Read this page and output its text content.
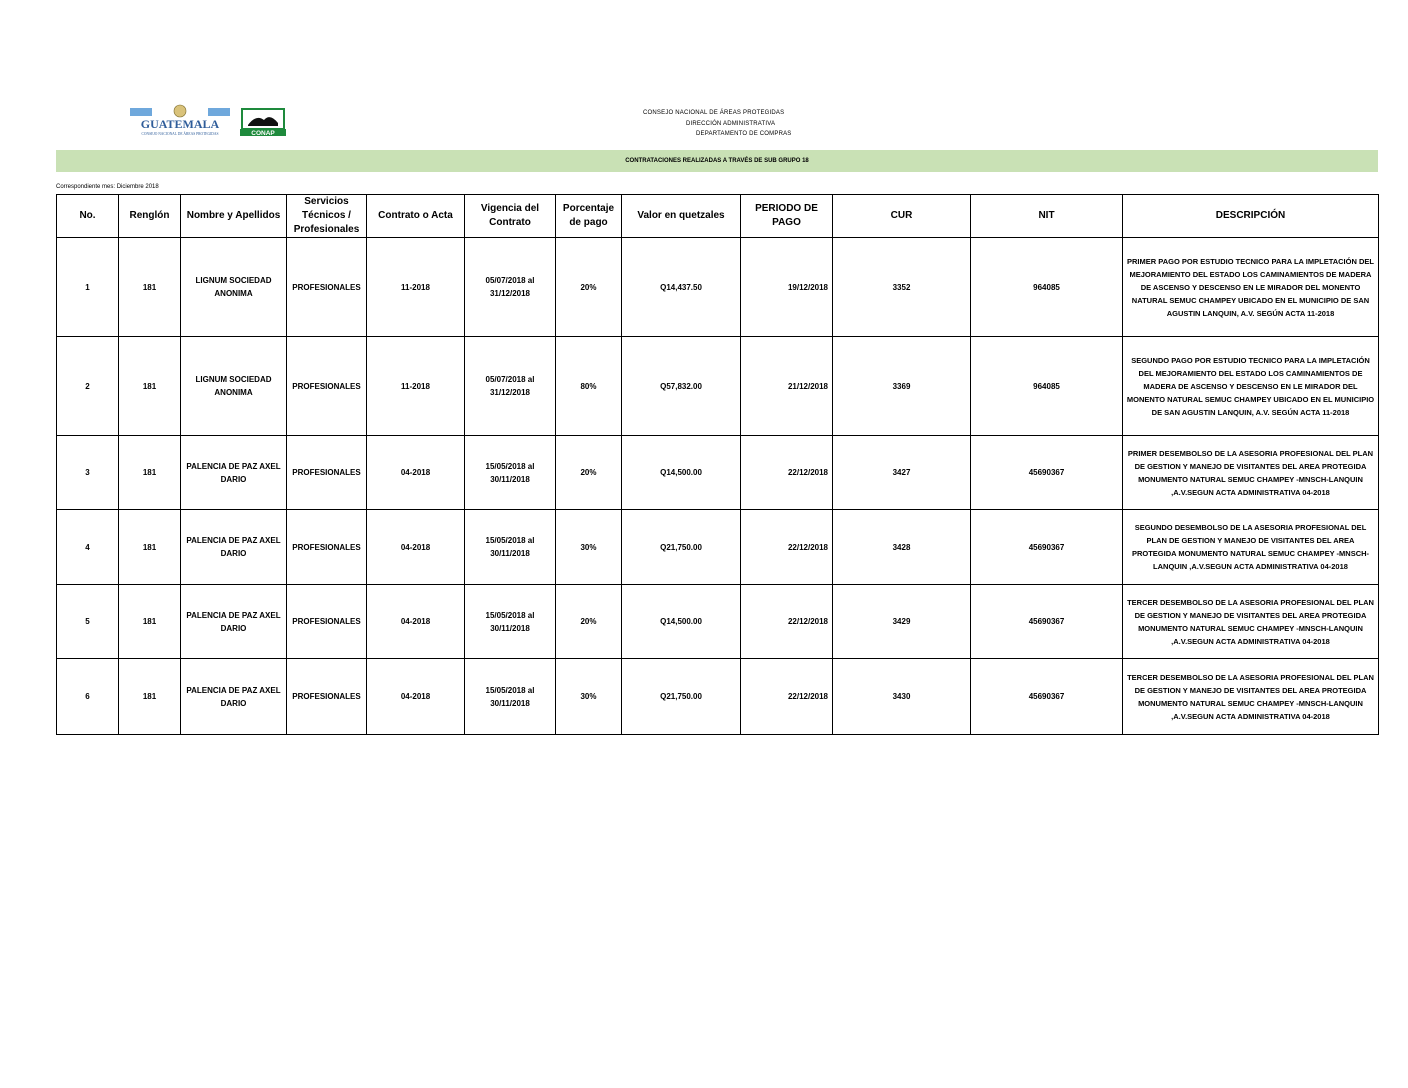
GUATEMALA
CONSEJO NACIONAL DE ÁREAS PROTEGIDAS	CONAP
CONSEJO NACIONAL DE ÁREAS PROTEGIDAS
DIRECCIÓN ADMINISTRATIVA
DEPARTAMENTO DE COMPRAS
CONTRATACIONES REALIZADAS A TRAVÉS DE SUB GRUPO 18
Correspondiente mes: Diciembre 2018
No.	Renglón	Nombre y Apellidos	Servicios Técnicos / Profesionales	Contrato o Acta	Vigencia del Contrato	Porcentaje de pago	Valor en quetzales	PERIODO DE PAGO	CUR	NIT	DESCRIPCIÓN
1	181	LIGNUM SOCIEDAD ANONIMA	PROFESIONALES	11-2018	05/07/2018 al 31/12/2018	20%	Q14,437.50	19/12/2018	3352	964085	PRIMER PAGO POR ESTUDIO TECNICO PARA LA IMPLETACIÓN DEL MEJORAMIENTO DEL ESTADO LOS CAMINAMIENTOS DE MADERA DE ASCENSO Y DESCENSO EN LE MIRADOR DEL MONENTO NATURAL SEMUC CHAMPEY UBICADO EN EL MUNICIPIO DE SAN AGUSTIN LANQUIN, A.V. SEGÚN ACTA 11-2018
2	181	LIGNUM SOCIEDAD ANONIMA	PROFESIONALES	11-2018	05/07/2018 al 31/12/2018	80%	Q57,832.00	21/12/2018	3369	964085	SEGUNDO PAGO POR ESTUDIO TECNICO PARA LA IMPLETACIÓN DEL MEJORAMIENTO DEL ESTADO LOS CAMINAMIENTOS DE MADERA DE ASCENSO Y DESCENSO EN LE MIRADOR DEL MONENTO NATURAL SEMUC CHAMPEY UBICADO EN EL MUNICIPIO DE SAN AGUSTIN LANQUIN, A.V. SEGÚN ACTA 11-2018
3	181	PALENCIA DE PAZ AXEL DARIO	PROFESIONALES	04-2018	15/05/2018 al 30/11/2018	20%	Q14,500.00	22/12/2018	3427	45690367	PRIMER DESEMBOLSO DE LA ASESORIA PROFESIONAL DEL PLAN DE GESTION Y MANEJO DE VISITANTES DEL AREA PROTEGIDA MONUMENTO NATURAL SEMUC CHAMPEY -MNSCH-LANQUIN ,A.V.SEGUN ACTA ADMINISTRATIVA 04-2018
4	181	PALENCIA DE PAZ AXEL DARIO	PROFESIONALES	04-2018	15/05/2018 al 30/11/2018	30%	Q21,750.00	22/12/2018	3428	45690367	SEGUNDO DESEMBOLSO DE LA ASESORIA PROFESIONAL DEL PLAN DE GESTION Y MANEJO DE VISITANTES DEL AREA PROTEGIDA MONUMENTO NATURAL SEMUC CHAMPEY -MNSCH-LANQUIN ,A.V.SEGUN ACTA ADMINISTRATIVA 04-2018
5	181	PALENCIA DE PAZ AXEL DARIO	PROFESIONALES	04-2018	15/05/2018 al 30/11/2018	20%	Q14,500.00	22/12/2018	3429	45690367	TERCER DESEMBOLSO DE LA ASESORIA PROFESIONAL DEL PLAN DE GESTION Y MANEJO DE VISITANTES DEL AREA PROTEGIDA MONUMENTO NATURAL SEMUC CHAMPEY -MNSCH-LANQUIN ,A.V.SEGUN ACTA ADMINISTRATIVA 04-2018
6	181	PALENCIA DE PAZ AXEL DARIO	PROFESIONALES	04-2018	15/05/2018 al 30/11/2018	30%	Q21,750.00	22/12/2018	3430	45690367	TERCER DESEMBOLSO DE LA ASESORIA PROFESIONAL DEL PLAN DE GESTION Y MANEJO DE VISITANTES DEL AREA PROTEGIDA MONUMENTO NATURAL SEMUC CHAMPEY -MNSCH-LANQUIN ,A.V.SEGUN ACTA ADMINISTRATIVA 04-2018
